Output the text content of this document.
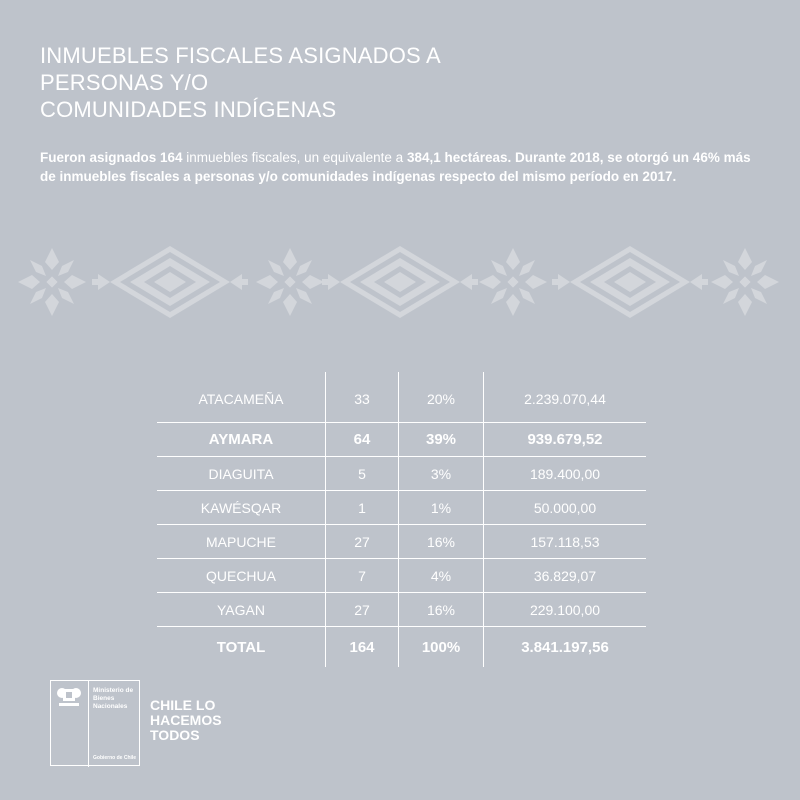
INMUEBLES FISCALES ASIGNADOS A
PERSONAS Y/O
COMUNIDADES INDÍGENAS

Fueron asignados 164 inmuebles fiscales, un equivalente a 384,1 hectáreas. Durante 2018, se otorgó un 46% más de inmuebles fiscales a personas y/o comunidades indígenas respecto del mismo período en 2017.

ATACAMEÑA	33	20%	2.239.070,44
AYMARA	64	39%	939.679,52
DIAGUITA	5	3%	189.400,00
KAWÉSQAR	1	1%	50.000,00
MAPUCHE	27	16%	157.118,53
QUECHUA	7	4%	36.829,07
YAGAN	27	16%	229.100,00
TOTAL	164	100%	3.841.197,56

Ministerio de
Bienes
Nacionales

Gobierno de Chile

CHILE LO
HACEMOS
TODOS
